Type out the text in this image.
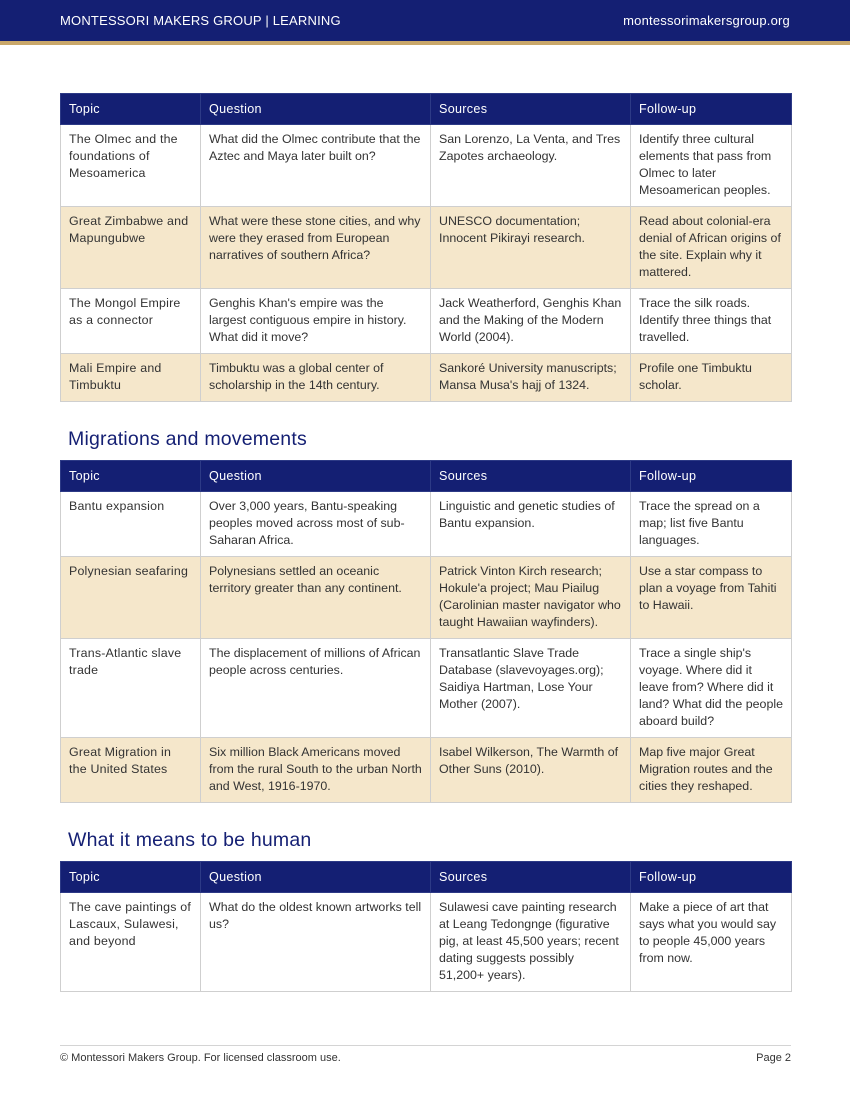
MONTESSORI MAKERS GROUP | LEARNING	montessorimakersgroup.org
Topic	Question	Sources	Follow-up
The Olmec and the foundations of Mesoamerica	What did the Olmec contribute that the Aztec and Maya later built on?	San Lorenzo, La Venta, and Tres Zapotes archaeology.	Identify three cultural elements that pass from Olmec to later Mesoamerican peoples.
Great Zimbabwe and Mapungubwe	What were these stone cities, and why were they erased from European narratives of southern Africa?	UNESCO documentation; Innocent Pikirayi research.	Read about colonial-era denial of African origins of the site. Explain why it mattered.
The Mongol Empire as a connector	Genghis Khan's empire was the largest contiguous empire in history. What did it move?	Jack Weatherford, Genghis Khan and the Making of the Modern World (2004).	Trace the silk roads. Identify three things that travelled.
Mali Empire and Timbuktu	Timbuktu was a global center of scholarship in the 14th century.	Sankoré University manuscripts; Mansa Musa's hajj of 1324.	Profile one Timbuktu scholar.
Migrations and movements
Topic	Question	Sources	Follow-up
Bantu expansion	Over 3,000 years, Bantu-speaking peoples moved across most of sub-Saharan Africa.	Linguistic and genetic studies of Bantu expansion.	Trace the spread on a map; list five Bantu languages.
Polynesian seafaring	Polynesians settled an oceanic territory greater than any continent.	Patrick Vinton Kirch research; Hokule'a project; Mau Piailug (Carolinian master navigator who taught Hawaiian wayfinders).	Use a star compass to plan a voyage from Tahiti to Hawaii.
Trans-Atlantic slave trade	The displacement of millions of African people across centuries.	Transatlantic Slave Trade Database (slavevoyages.org); Saidiya Hartman, Lose Your Mother (2007).	Trace a single ship's voyage. Where did it leave from? Where did it land? What did the people aboard build?
Great Migration in the United States	Six million Black Americans moved from the rural South to the urban North and West, 1916-1970.	Isabel Wilkerson, The Warmth of Other Suns (2010).	Map five major Great Migration routes and the cities they reshaped.
What it means to be human
Topic	Question	Sources	Follow-up
The cave paintings of Lascaux, Sulawesi, and beyond	What do the oldest known artworks tell us?	Sulawesi cave painting research at Leang Tedongnge (figurative pig, at least 45,500 years; recent dating suggests possibly 51,200+ years).	Make a piece of art that says what you would say to people 45,000 years from now.
© Montessori Makers Group. For licensed classroom use.	Page 2
